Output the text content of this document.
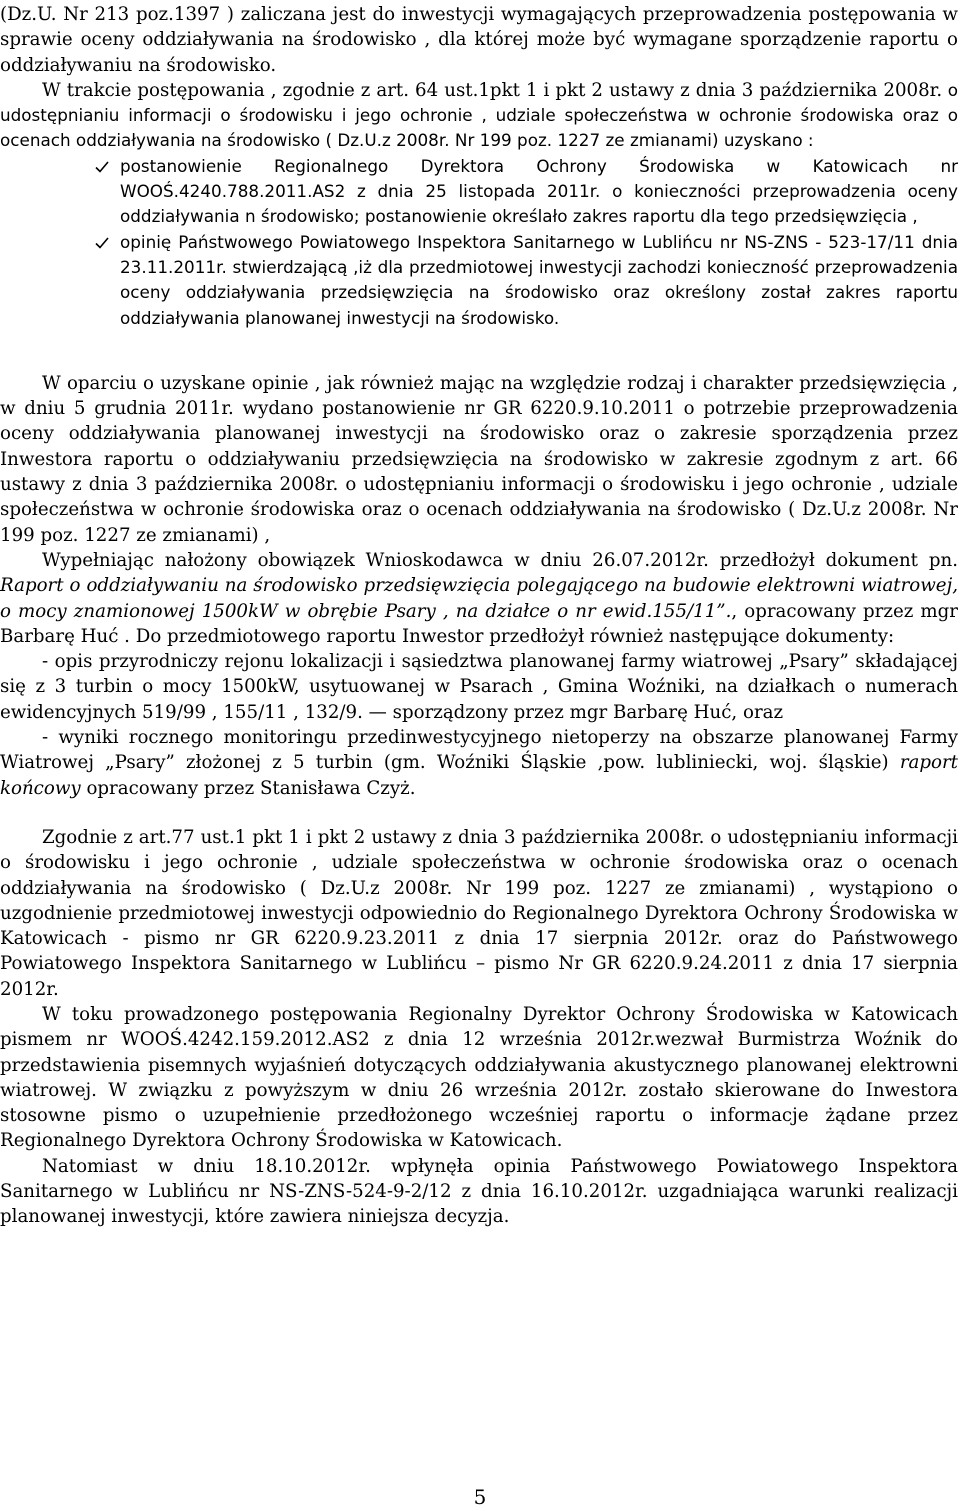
(Dz.U. Nr 213 poz.1397 ) zaliczana jest do inwestycji wymagających przeprowadzenia postępowania w sprawie oceny oddziaływania na środowisko , dla której może być wymagane sporządzenie raportu o oddziaływaniu na środowisko.

W trakcie postępowania , zgodnie z art. 64 ust.1pkt 1 i pkt 2 ustawy z dnia 3 października 2008r. o udostępnianiu informacji o środowisku i jego ochronie , udziale społeczeństwa w ochronie środowiska oraz o ocenach oddziaływania na środowisko ( Dz.U.z 2008r. Nr 199 poz. 1227 ze zmianami) uzyskano :

postanowienie Regionalnego Dyrektora Ochrony Środowiska w Katowicach nr WOOŚ.4240.788.2011.AS2 z dnia 25 listopada 2011r. o konieczności przeprowadzenia oceny oddziaływania n środowisko; postanowienie określało zakres raportu dla tego przedsięwzięcia ,
opinię Państwowego Powiatowego Inspektora Sanitarnego w Lublińcu nr NS-ZNS - 523-17/11 dnia 23.11.2011r. stwierdzającą ,iż dla przedmiotowej inwestycji zachodzi konieczność przeprowadzenia oceny oddziaływania przedsięwzięcia na środowisko oraz określony został zakres raportu oddziaływania planowanej inwestycji na środowisko.

W oparciu o uzyskane opinie , jak również mając na względzie rodzaj i charakter przedsięwzięcia , w dniu 5 grudnia 2011r. wydano postanowienie nr GR 6220.9.10.2011 o potrzebie przeprowadzenia oceny oddziaływania planowanej inwestycji na środowisko oraz o zakresie sporządzenia przez Inwestora raportu o oddziaływaniu przedsięwzięcia na środowisko w zakresie zgodnym z art. 66 ustawy z dnia 3 października 2008r. o udostępnianiu informacji o środowisku i jego ochronie , udziale społeczeństwa w ochronie środowiska oraz o ocenach oddziaływania na środowisko ( Dz.U.z 2008r. Nr 199 poz. 1227 ze zmianami) ,

Wypełniając nałożony obowiązek Wnioskodawca w dniu 26.07.2012r. przedłożył dokument pn. Raport o oddziaływaniu na środowisko przedsięwzięcia polegającego na budowie elektrowni wiatrowej, o mocy znamionowej 1500kW w obrębie Psary , na działce o nr ewid.155/11”., opracowany przez mgr Barbarę Huć . Do przedmiotowego raportu Inwestor przedłożył również następujące dokumenty:

- opis przyrodniczy rejonu lokalizacji i sąsiedztwa planowanej farmy wiatrowej „Psary” składającej się z 3 turbin o mocy 1500kW, usytuowanej w Psarach , Gmina Woźniki, na działkach o numerach ewidencyjnych 519/99 , 155/11 , 132/9. — sporządzony przez mgr Barbarę Huć, oraz

- wyniki rocznego monitoringu przedinwestycyjnego nietoperzy na obszarze planowanej Farmy Wiatrowej „Psary” złożonej z 5 turbin (gm. Woźniki Śląskie ,pow. lubliniecki, woj. śląskie) raport końcowy opracowany przez Stanisława Czyż.

Zgodnie z art.77 ust.1 pkt 1 i pkt 2 ustawy z dnia 3 października 2008r. o udostępnianiu informacji o środowisku i jego ochronie , udziale społeczeństwa w ochronie środowiska oraz o ocenach oddziaływania na środowisko ( Dz.U.z 2008r. Nr 199 poz. 1227 ze zmianami) , wystąpiono o uzgodnienie przedmiotowej inwestycji odpowiednio do Regionalnego Dyrektora Ochrony Środowiska w Katowicach - pismo nr GR 6220.9.23.2011 z dnia 17 sierpnia 2012r. oraz do Państwowego Powiatowego Inspektora Sanitarnego w Lublińcu – pismo Nr GR 6220.9.24.2011 z dnia 17 sierpnia 2012r.

W toku prowadzonego postępowania Regionalny Dyrektor Ochrony Środowiska w Katowicach pismem nr WOOŚ.4242.159.2012.AS2 z dnia 12 września 2012r.wezwał Burmistrza Woźnik do przedstawienia pisemnych wyjaśnień dotyczących oddziaływania akustycznego planowanej elektrowni wiatrowej. W związku z powyższym w dniu 26 września 2012r. zostało skierowane do Inwestora stosowne pismo o uzupełnienie przedłożonego wcześniej raportu o informacje żądane przez Regionalnego Dyrektora Ochrony Środowiska w Katowicach.

Natomiast w dniu 18.10.2012r. wpłynęła opinia Państwowego Powiatowego Inspektora Sanitarnego w Lublińcu nr NS-ZNS-524-9-2/12 z dnia 16.10.2012r. uzgadniająca warunki realizacji planowanej inwestycji, które zawiera niniejsza decyzja.

5
